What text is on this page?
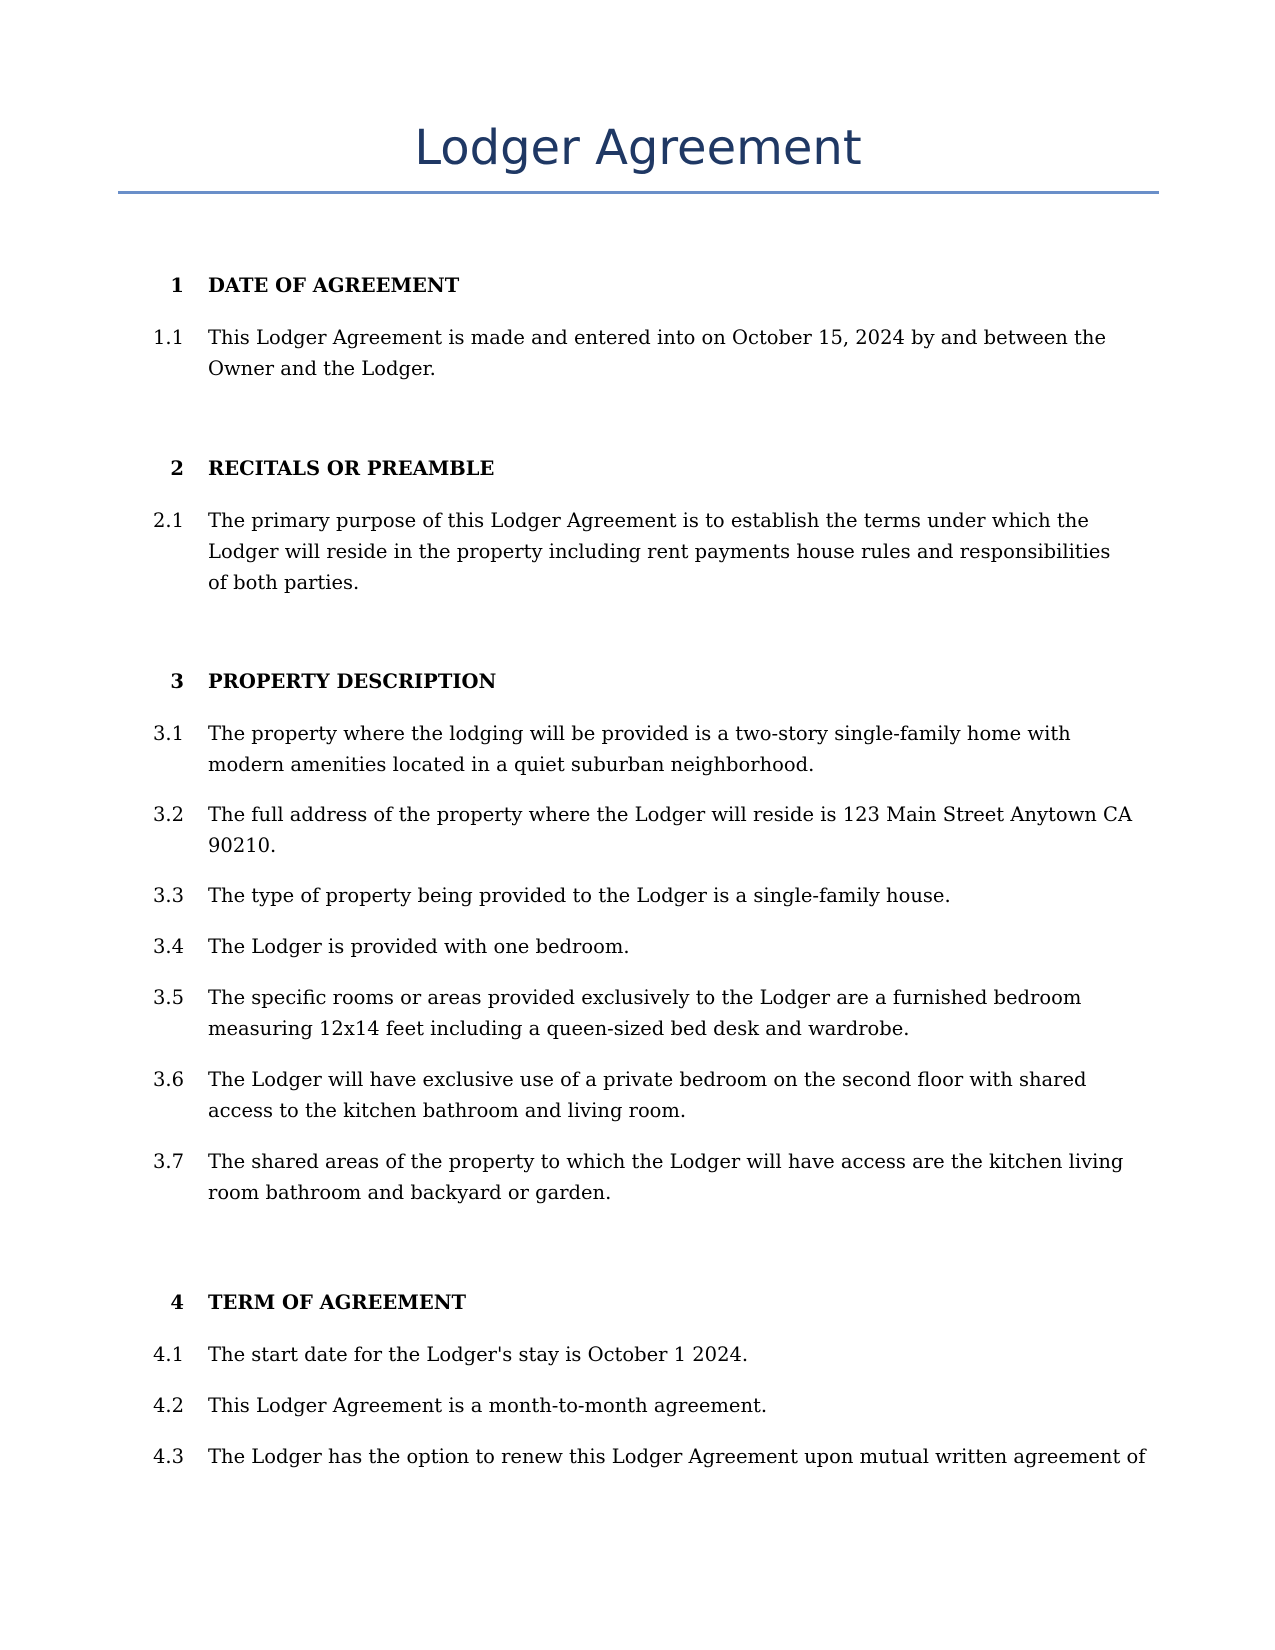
Lodger Agreement
1 DATE OF AGREEMENT
1.1 This Lodger Agreement is made and entered into on October 15, 2024 by and between the Owner and the Lodger.
2 RECITALS OR PREAMBLE
2.1 The primary purpose of this Lodger Agreement is to establish the terms under which the Lodger will reside in the property including rent payments house rules and responsibilities of both parties.
3 PROPERTY DESCRIPTION
3.1 The property where the lodging will be provided is a two-story single-family home with modern amenities located in a quiet suburban neighborhood.
3.2 The full address of the property where the Lodger will reside is 123 Main Street Anytown CA 90210.
3.3 The type of property being provided to the Lodger is a single-family house.
3.4 The Lodger is provided with one bedroom.
3.5 The specific rooms or areas provided exclusively to the Lodger are a furnished bedroom measuring 12x14 feet including a queen-sized bed desk and wardrobe.
3.6 The Lodger will have exclusive use of a private bedroom on the second floor with shared access to the kitchen bathroom and living room.
3.7 The shared areas of the property to which the Lodger will have access are the kitchen living room bathroom and backyard or garden.
4 TERM OF AGREEMENT
4.1 The start date for the Lodger's stay is October 1 2024.
4.2 This Lodger Agreement is a month-to-month agreement.
4.3 The Lodger has the option to renew this Lodger Agreement upon mutual written agreement of
